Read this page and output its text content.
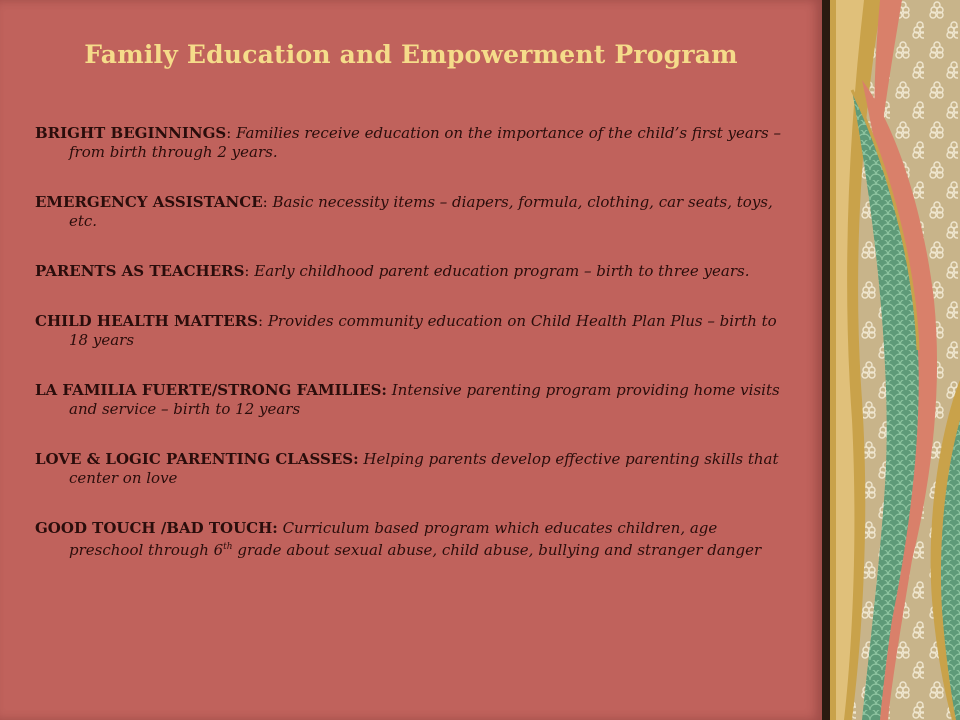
Family Education and Empowerment Program
BRIGHT BEGINNINGS: Families receive education on the importance of the child’s first years – from birth through 2 years.
EMERGENCY ASSISTANCE: Basic necessity items – diapers, formula, clothing, car seats, toys, etc.
PARENTS AS TEACHERS: Early childhood parent education program – birth to three years.
CHILD HEALTH MATTERS: Provides community education on Child Health Plan Plus – birth to 18 years
LA FAMILIA FUERTE/STRONG FAMILIES: Intensive parenting program providing home visits and service – birth to 12 years
LOVE & LOGIC PARENTING CLASSES: Helping parents develop effective parenting skills that center on love
GOOD TOUCH /BAD TOUCH: Curriculum based program which educates children, age preschool through 6th grade about sexual abuse, child abuse, bullying and stranger danger
